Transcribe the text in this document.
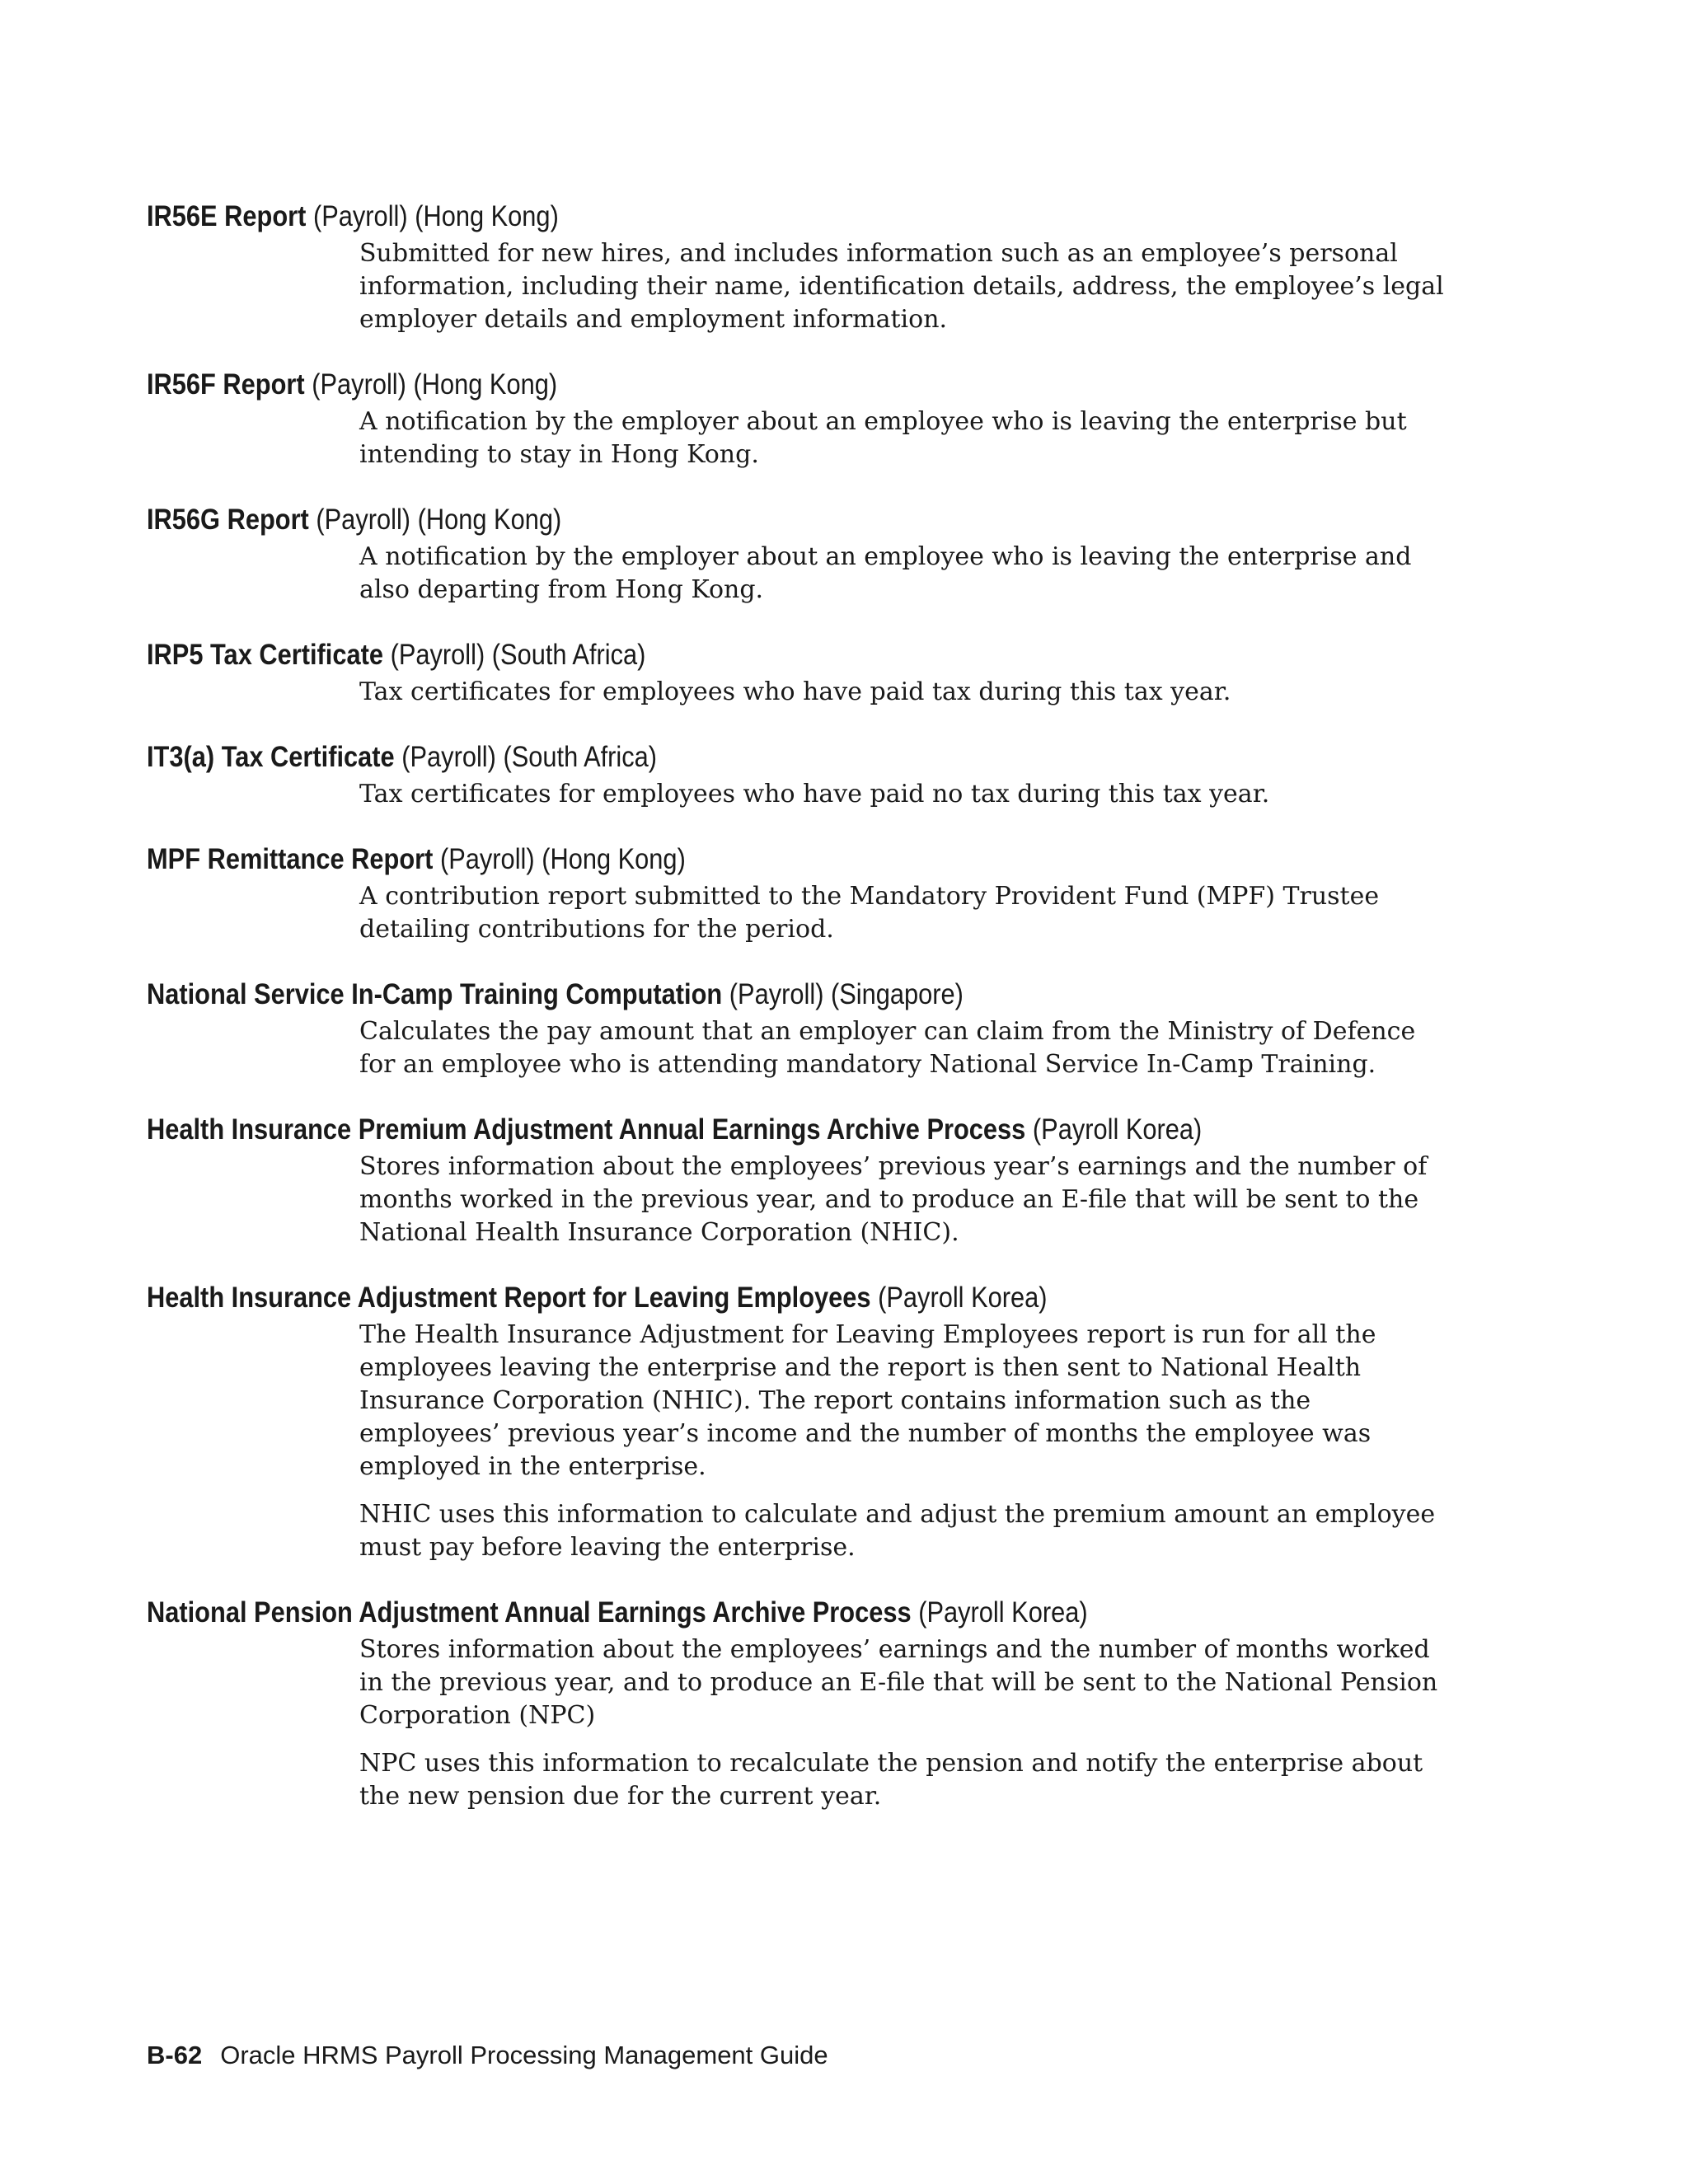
IR56E Report (Payroll) (Hong Kong)

Submitted for new hires, and includes information such as an employee’s personal information, including their name, identification details, address, the employee’s legal employer details and employment information.

IR56F Report (Payroll) (Hong Kong)

A notification by the employer about an employee who is leaving the enterprise but intending to stay in Hong Kong.

IR56G Report (Payroll) (Hong Kong)

A notification by the employer about an employee who is leaving the enterprise and also departing from Hong Kong.

IRP5 Tax Certificate (Payroll) (South Africa)

Tax certificates for employees who have paid tax during this tax year.

IT3(a) Tax Certificate (Payroll) (South Africa)

Tax certificates for employees who have paid no tax during this tax year.

MPF Remittance Report (Payroll) (Hong Kong)

A contribution report submitted to the Mandatory Provident Fund (MPF) Trustee detailing contributions for the period.

National Service In-Camp Training Computation (Payroll) (Singapore)

Calculates the pay amount that an employer can claim from the Ministry of Defence for an employee who is attending mandatory National Service In-Camp Training.

Health Insurance Premium Adjustment Annual Earnings Archive Process (Payroll Korea)

Stores information about the employees’ previous year’s earnings and the number of months worked in the previous year, and to produce an E-file that will be sent to the National Health Insurance Corporation (NHIC).

Health Insurance Adjustment Report for Leaving Employees (Payroll Korea)

The Health Insurance Adjustment for Leaving Employees report is run for all the employees leaving the enterprise and the report is then sent to National Health Insurance Corporation (NHIC). The report contains information such as the employees’ previous year’s income and the number of months the employee was employed in the enterprise.

NHIC uses this information to calculate and adjust the premium amount an employee must pay before leaving the enterprise.

National Pension Adjustment Annual Earnings Archive Process (Payroll Korea)

Stores information about the employees’ earnings and the number of months worked in the previous year, and to produce an E-file that will be sent to the National Pension Corporation (NPC)

NPC uses this information to recalculate the pension and notify the enterprise about the new pension due for the current year.

B-62 Oracle HRMS Payroll Processing Management Guide
